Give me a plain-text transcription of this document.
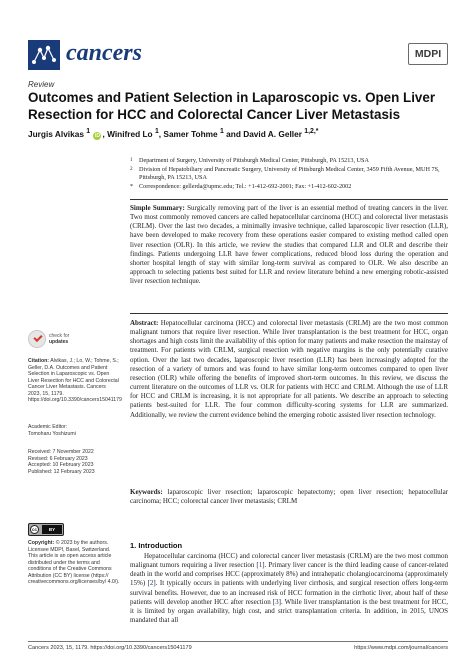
cancers	MDPI
Review
Outcomes and Patient Selection in Laparoscopic vs. Open Liver Resection for HCC and Colorectal Cancer Liver Metastasis
Jurgis Alvikas $^1$ iD , Winifred Lo $^1$, Samer Tohme $^1$ and David A. Geller $^{1,2,*}$
1 Department of Surgery, University of Pittsburgh Medical Center, Pittsburgh, PA 15213, USA
2 Division of Hepatobiliary and Pancreatic Surgery, University of Pittsburgh Medical Center, 3459 Fifth Avenue, MUH 7S, Pittsburgh, PA 15213, USA
* Correspondence: gellerda@upmc.edu; Tel.: +1-412-692-2001; Fax: +1-412-602-2002
Simple Summary: Surgically removing part of the liver is an essential method of treating cancers in the liver. Two most commonly removed cancers are called hepatocellular carcinoma (HCC) and colorectal liver metastasis (CRLM). Over the last two decades, a minimally invasive technique, called laparoscopic liver resection (LLR), have been developed to make recovery from these operations easier compared to existing method called open liver resection (OLR). In this article, we review the studies that compared LLR and OLR and describe their findings. Patients undergoing LLR have fewer complications, reduced blood loss during the operation and shorter hospital length of stay with similar long-term survival as compared to OLR. We also describe an approach to selecting patients best suited for LLR and review literature behind a new emerging robotic-assisted liver resection technique.
Abstract: Hepatocellular carcinoma (HCC) and colorectal liver metastasis (CRLM) are the two most common malignant tumors that require liver resection. While liver transplantation is the best treatment for HCC, organ shortages and high costs limit the availability of this option for many patients and make resection the mainstay of treatment. For patients with CRLM, surgical resection with negative margins is the only potentially curative option. Over the last two decades, laparoscopic liver resection (LLR) has been increasingly adopted for the resection of a variety of tumors and was found to have similar long-term outcomes compared to open liver resection (OLR) while offering the benefits of improved short-term outcomes. In this review, we discuss the current literature on the outcomes of LLR vs. OLR for patients with HCC and CRLM. Although the use of LLR for HCC and CRLM is increasing, it is not appropriate for all patients. We describe an approach to selecting patients best-suited for LLR. The four common difficulty-scoring systems for LLR are summarized. Additionally, we review the current evidence behind the emerging robotic assisted liver resection technology.
Keywords: laparoscopic liver resection; laparoscopic hepatectomy; open liver resection; hepatocellular carcinoma; HCC; colorectal cancer liver metastasis; CRLM
check for
updates
Citation: Alvikas, J.; Lo, W.; Tohme, S.; Geller, D.A. Outcomes and Patient Selection in Laparoscopic vs. Open Liver Resection for HCC and Colorectal Cancer Liver Metastasis. Cancers 2023, 15, 1179. https://doi.org/10.3390/cancers15041179
Academic Editor:
Tomoharu Yoshizumi
Received: 7 November 2022
Revised: 6 February 2023
Accepted: 10 February 2023
Published: 12 February 2023
cc	BY
Copyright: © 2023 by the authors. Licensee MDPI, Basel, Switzerland. This article is an open access article distributed under the terms and conditions of the Creative Commons Attribution (CC BY) license (https:// creativecommons.org/licenses/by/ 4.0/).
1. Introduction
Hepatocellular carcinoma (HCC) and colorectal cancer liver metastasis (CRLM) are the two most common malignant tumors requiring a liver resection [1]. Primary liver cancer is the third leading cause of cancer-related death in the world and comprises HCC (approximately 8%) and intrahepatic cholangiocarcinoma (approximately 15%) [2]. It typically occurs in patients with underlying liver cirrhosis, and surgical resection offers long-term survival benefits. However, due to an increased risk of HCC formation in the cirrhotic liver, about half of these patients will develop another HCC after resection [3]. While liver transplantation is the best treatment for HCC, it is limited by organ availability, high cost, and strict transplantation criteria. In addition, in 2015, UNOS mandated that all
Cancers 2023, 15, 1179. https://doi.org/10.3390/cancers15041179	https://www.mdpi.com/journal/cancers
